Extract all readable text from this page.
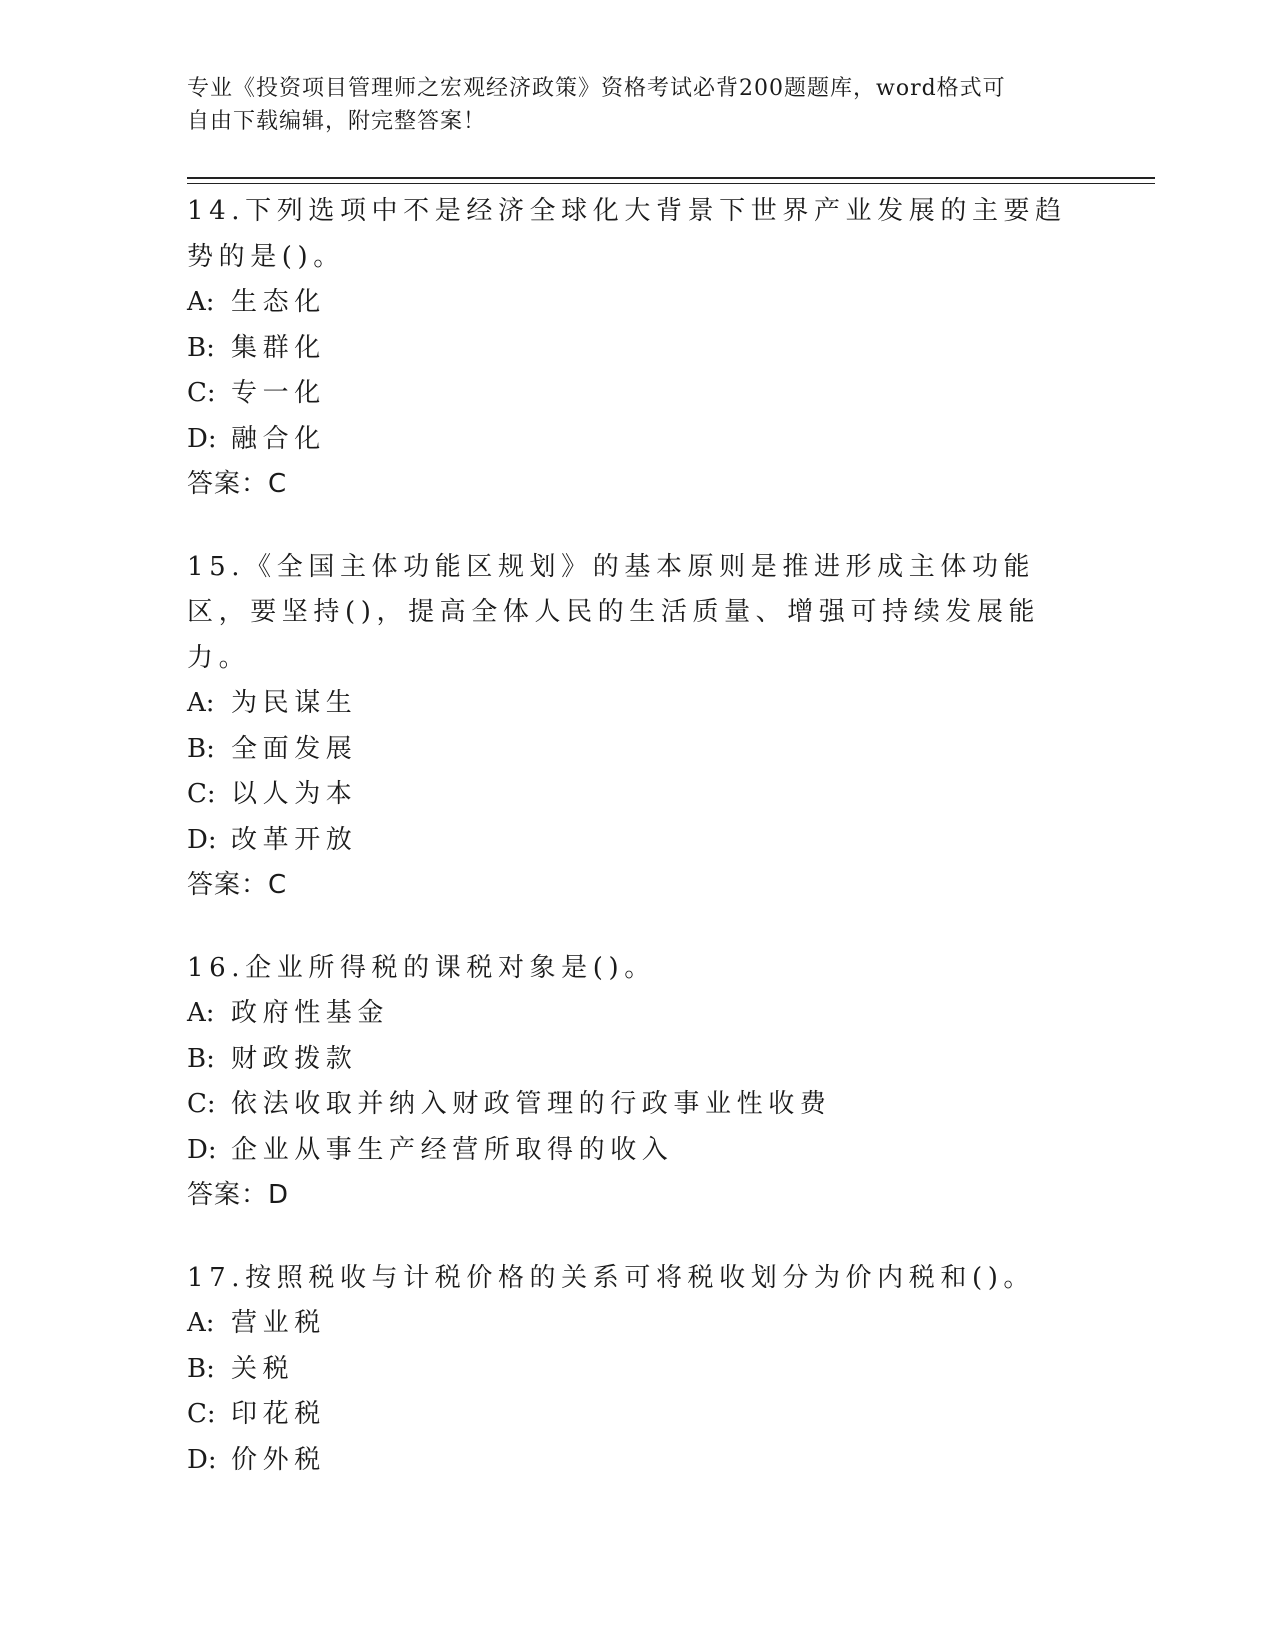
专业《投资项目管理师之宏观经济政策》资格考试必背200题题库，word格式可
自由下载编辑，附完整答案！

14.下列选项中不是经济全球化大背景下世界产业发展的主要趋势的是()。

A: 生态化
B: 集群化
C: 专一化
D: 融合化

答案：C

15.《全国主体功能区规划》的基本原则是推进形成主体功能区，要坚持()，提高全体人民的生活质量、增强可持续发展能力。

A: 为民谋生
B: 全面发展
C: 以人为本
D: 改革开放

答案：C

16.企业所得税的课税对象是()。

A: 政府性基金
B: 财政拨款
C: 依法收取并纳入财政管理的行政事业性收费
D: 企业从事生产经营所取得的收入

答案：D

17.按照税收与计税价格的关系可将税收划分为价内税和()。

A: 营业税
B: 关税
C: 印花税
D: 价外税
